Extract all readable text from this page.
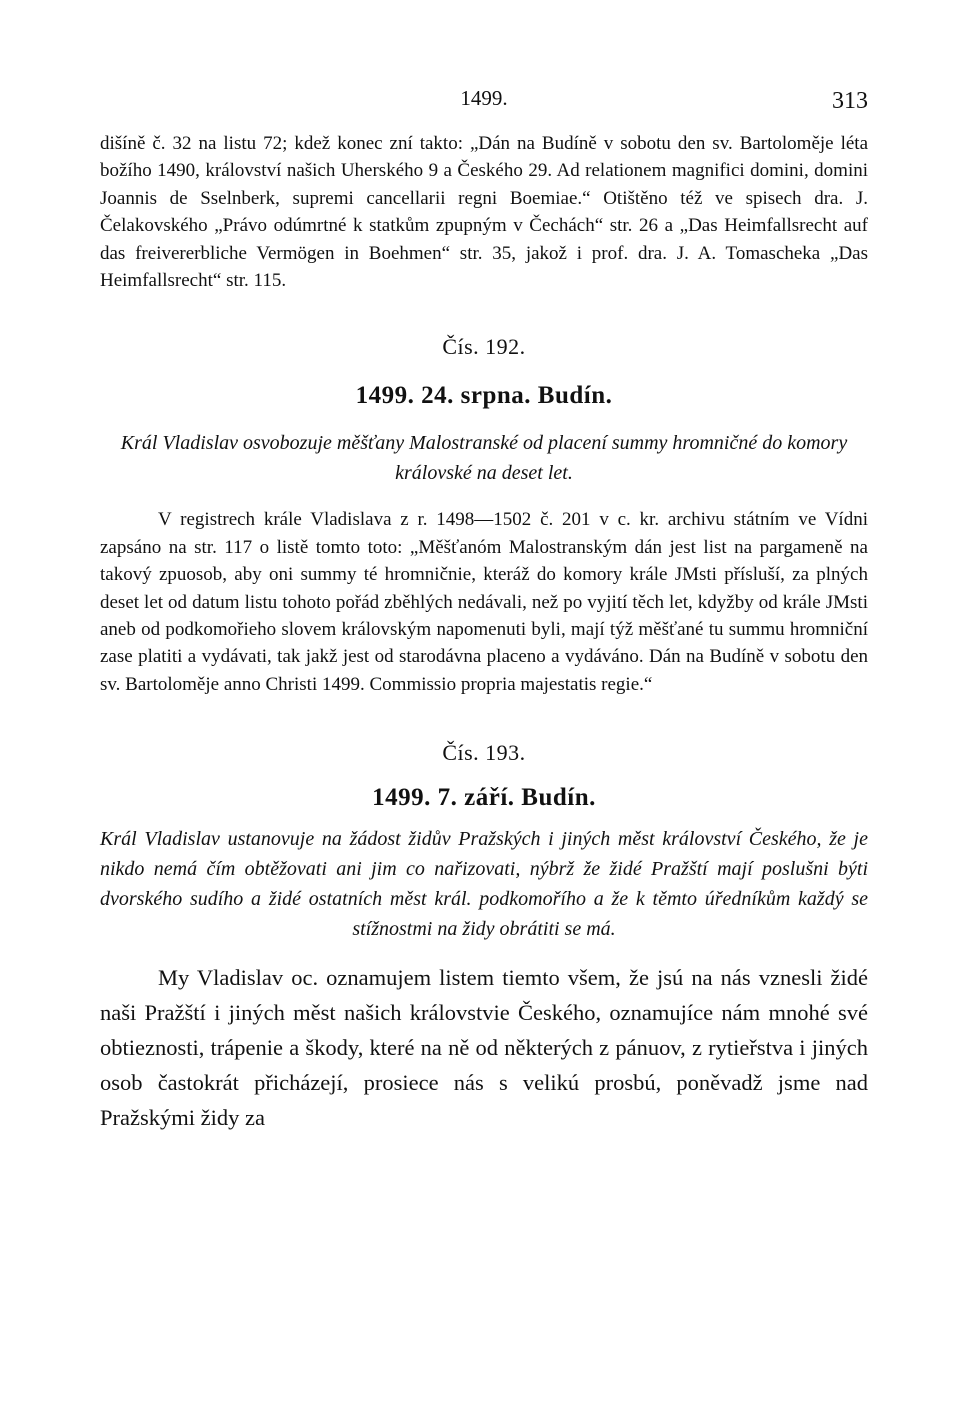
1499.	313

dišíně č. 32 na listu 72; kdež konec zní takto: „Dán na Budíně v sobotu den sv. Bartoloměje léta božího 1490, království našich Uherského 9 a Českého 29. Ad relationem magnifici domini, domini Joannis de Sselnberk, supremi cancellarii regni Boemiae.“ Otištěno též ve spisech dra. J. Čelakovského „Právo odúmrtné k statkům zpupným v Čechách“ str. 26 a „Das Heimfallsrecht auf das freivererbliche Vermögen in Boehmen“ str. 35, jakož i prof. dra. J. A. Tomascheka „Das Heimfallsrecht“ str. 115.

Čís. 192.

1499. 24. srpna. Budín.

Král Vladislav osvobozuje měšťany Malostranské od placení summy hromničné do komory královské na deset let.

V registrech krále Vladislava z r. 1498—1502 č. 201 v c. kr. archivu státním ve Vídni zapsáno na str. 117 o listě tomto toto: „Měšťanóm Malostranským dán jest list na pargameně na takový zpuosob, aby oni summy té hromničnie, kteráž do komory krále JMsti přísluší, za plných deset let od datum listu tohoto pořád zběhlých nedávali, než po vyjití těch let, kdyžby od krále JMsti aneb od podkomořieho slovem královským napomenuti byli, mají týž měšťané tu summu hromniční zase platiti a vydávati, tak jakž jest od starodávna placeno a vydáváno. Dán na Budíně v sobotu den sv. Bartoloměje anno Christi 1499. Commissio propria majestatis regie.“

Čís. 193.

1499. 7. září. Budín.

Král Vladislav ustanovuje na žádost židův Pražských i jiných měst království Českého, že je nikdo nemá čím obtěžovati ani jim co nařizovati, nýbrž že židé Pražští mají poslušni býti dvorského sudího a židé ostatních měst král. podkomořího a že k těmto úředníkům každý se stížnostmi na židy obrátiti se má.

My Vladislav oc. oznamujem listem tiemto všem, že jsú na nás vznesli židé naši Pražští i jiných měst našich královstvie Českého, oznamujíce nám mnohé své obtieznosti, trápenie a škody, které na ně od některých z pánuov, z rytieřstva i jiných osob častokrát přicházejí, prosiece nás s velikú prosbú, poněvadž jsme nad Pražskými židy za
